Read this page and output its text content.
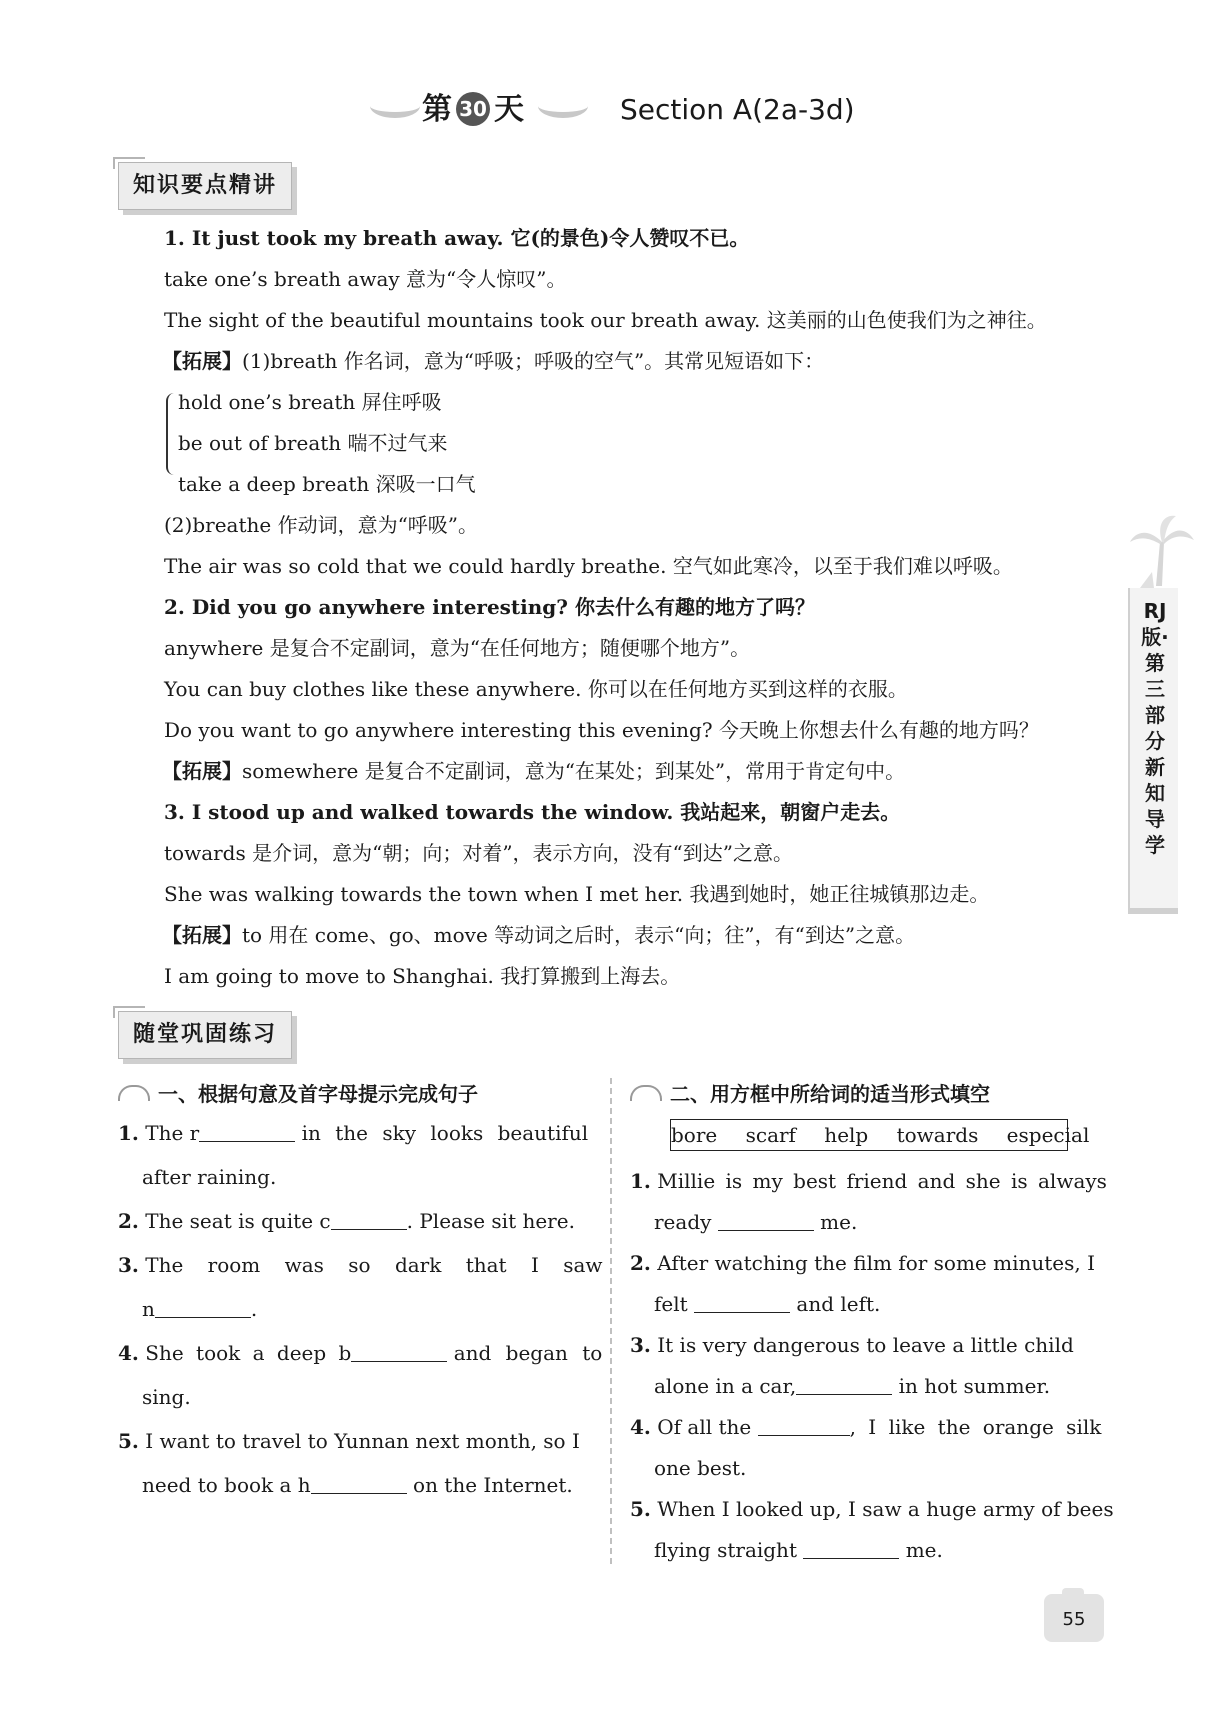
第 30 天	Section A(2a-3d)
知识要点精讲
1. It just took my breath away. 它(的景色)令人赞叹不已。
take one’s breath away 意为“令人惊叹”。
The sight of the beautiful mountains took our breath away. 这美丽的山色使我们为之神往。
【拓展】(1)breath 作名词，意为“呼吸；呼吸的空气”。其常见短语如下：
hold one’s breath 屏住呼吸
be out of breath 喘不过气来
take a deep breath 深吸一口气
(2)breathe 作动词，意为“呼吸”。
The air was so cold that we could hardly breathe. 空气如此寒冷，以至于我们难以呼吸。
2. Did you go anywhere interesting? 你去什么有趣的地方了吗？
anywhere 是复合不定副词，意为“在任何地方；随便哪个地方”。
You can buy clothes like these anywhere. 你可以在任何地方买到这样的衣服。
Do you want to go anywhere interesting this evening? 今天晚上你想去什么有趣的地方吗？
【拓展】somewhere 是复合不定副词，意为“在某处；到某处”，常用于肯定句中。
3. I stood up and walked towards the window. 我站起来，朝窗户走去。
towards 是介词，意为“朝；向；对着”，表示方向，没有“到达”之意。
She was walking towards the town when I met her. 我遇到她时，她正往城镇那边走。
【拓展】to 用在 come、go、move 等动词之后时，表示“向；往”，有“到达”之意。
I am going to move to Shanghai. 我打算搬到上海去。
RJ版·第三部分 新知导学
随堂巩固练习
一、根据句意及首字母提示完成句子
1. The r	in the sky looks beautiful
after raining.
2. The seat is quite c	. Please sit here.
3. The room was so dark that I saw
n	.
4. She took a deep b	and began to
sing.
5. I want to travel to Yunnan next month, so I
need to book a h	on the Internet.
二、用方框中所给词的适当形式填空
bore scarf help towards especial
1. Millie is my best friend and she is always
ready	me.
2. After watching the film for some minutes, I
felt	and left.
3. It is very dangerous to leave a little child
alone in a car,	in hot summer.
4. Of all the	, I like the orange silk
one best.
5. When I looked up, I saw a huge army of bees
flying straight	me.
55
